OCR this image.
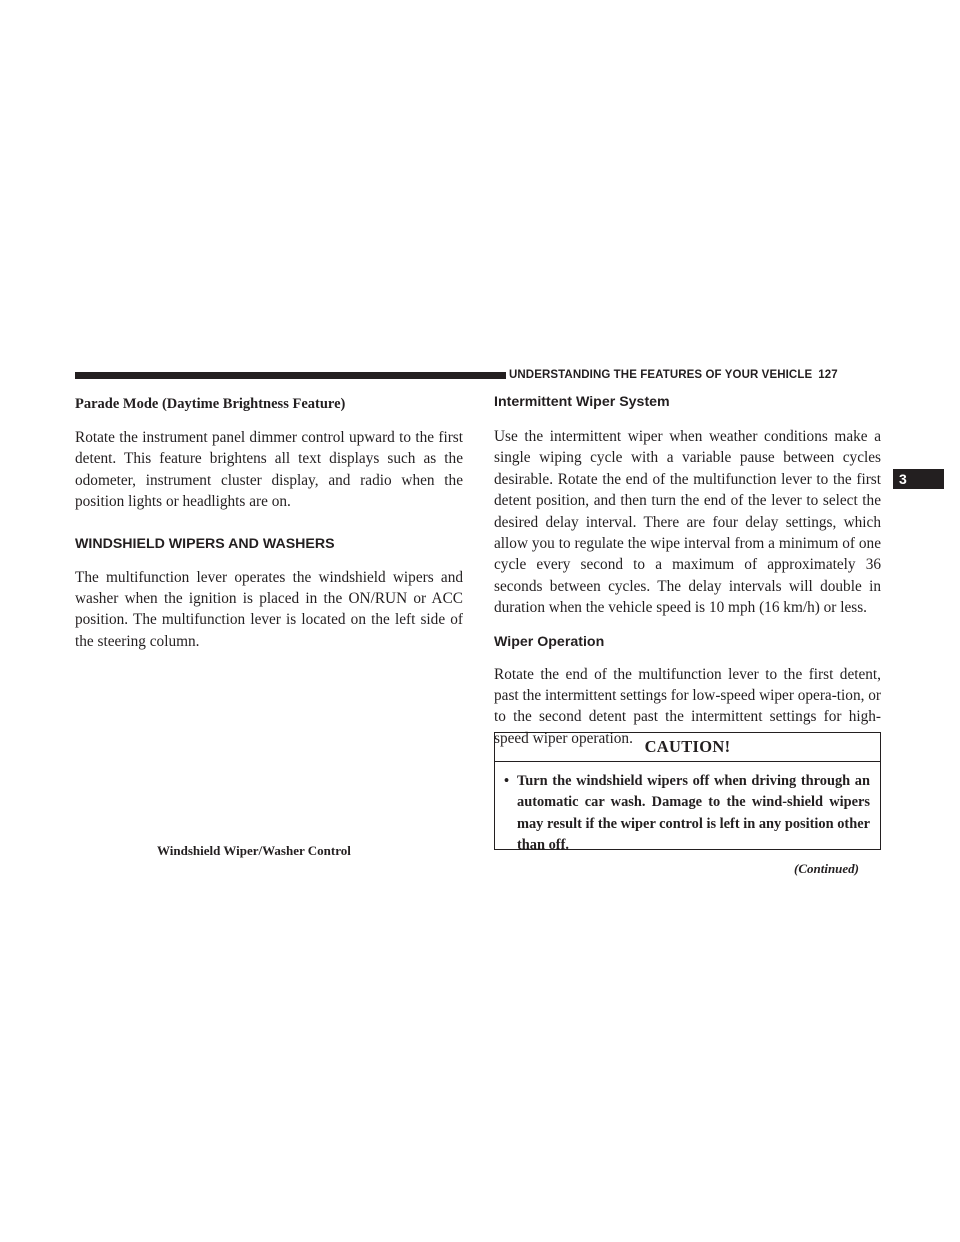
UNDERSTANDING THE FEATURES OF YOUR VEHICLE 127
3
Parade Mode (Daytime Brightness Feature)

Rotate the instrument panel dimmer control upward to the first detent. This feature brightens all text displays such as the odometer, instrument cluster display, and radio when the position lights or headlights are on.

WINDSHIELD WIPERS AND WASHERS

The multifunction lever operates the windshield wipers and washer when the ignition is placed in the ON/RUN or ACC position. The multifunction lever is located on the left side of the steering column.

Windshield Wiper/Washer Control
Intermittent Wiper System

Use the intermittent wiper when weather conditions make a single wiping cycle with a variable pause between cycles desirable. Rotate the end of the multifunction lever to the first detent position, and then turn the end of the lever to select the desired delay interval. There are four delay settings, which allow you to regulate the wipe interval from a minimum of one cycle every second to a maximum of approximately 36 seconds between cycles. The delay intervals will double in duration when the vehicle speed is 10 mph (16 km/h) or less.

Wiper Operation

Rotate the end of the multifunction lever to the first detent, past the intermittent settings for low-speed wiper opera-tion, or to the second detent past the intermittent settings for high-speed wiper operation. CAUTION!
• Turn the windshield wipers off when driving through an automatic car wash. Damage to the wind-shield wipers may result if the wiper control is left in any position other than off.
(Continued)
